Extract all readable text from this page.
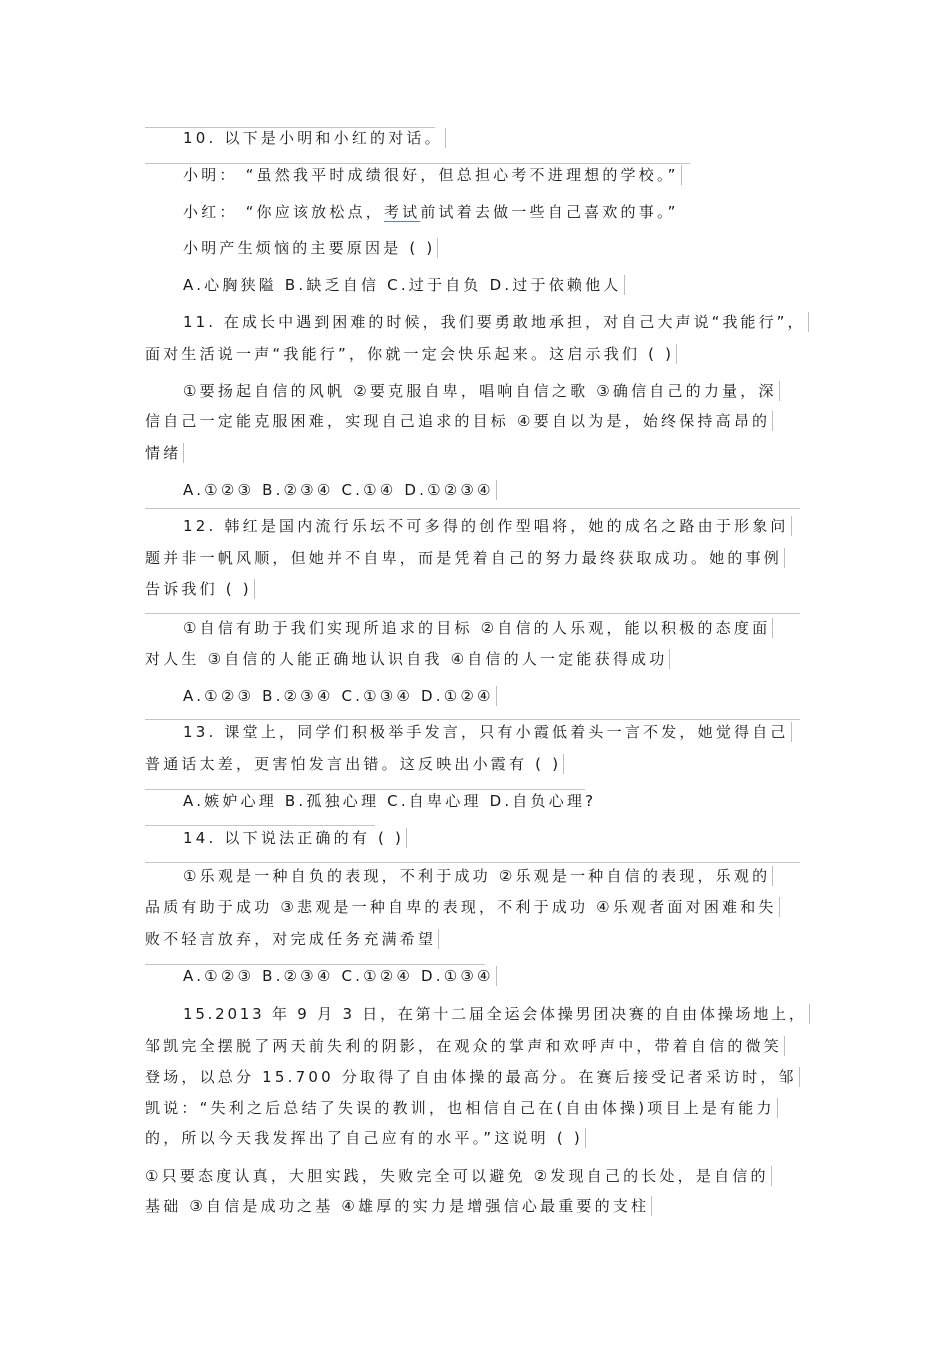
10. 以下是小明和小红的对话。
小明： “虽然我平时成绩很好，但总担心考不进理想的学校。”
小红： “你应该放松点，考试前试着去做一些自己喜欢的事。”
小明产生烦恼的主要原因是 ( )
A.心胸狭隘 B.缺乏自信 C.过于自负 D.过于依赖他人
11. 在成长中遇到困难的时候，我们要勇敢地承担，对自己大声说“我能行”，
面对生活说一声“我能行”，你就一定会快乐起来。这启示我们 ( )
①要扬起自信的风帆 ②要克服自卑，唱响自信之歌 ③确信自己的力量，深
信自己一定能克服困难，实现自己追求的目标 ④要自以为是，始终保持高昂的
情绪
A.①②③ B.②③④ C.①④ D.①②③④
12. 韩红是国内流行乐坛不可多得的创作型唱将，她的成名之路由于形象问
题并非一帆风顺，但她并不自卑，而是凭着自己的努力最终获取成功。她的事例
告诉我们 ( )
①自信有助于我们实现所追求的目标 ②自信的人乐观，能以积极的态度面
对人生 ③自信的人能正确地认识自我 ④自信的人一定能获得成功
A.①②③ B.②③④ C.①③④ D.①②④
13. 课堂上，同学们积极举手发言，只有小霞低着头一言不发，她觉得自己
普通话太差，更害怕发言出错。这反映出小霞有 ( )
A.嫉妒心理 B.孤独心理 C.自卑心理 D.自负心理?
14. 以下说法正确的有 ( )
①乐观是一种自负的表现，不利于成功 ②乐观是一种自信的表现，乐观的
品质有助于成功 ③悲观是一种自卑的表现，不利于成功 ④乐观者面对困难和失
败不轻言放弃，对完成任务充满希望
A.①②③ B.②③④ C.①②④ D.①③④
15.2013 年 9 月 3 日，在第十二届全运会体操男团决赛的自由体操场地上，
邹凯完全摆脱了两天前失利的阴影，在观众的掌声和欢呼声中，带着自信的微笑
登场，以总分 15.700 分取得了自由体操的最高分。在赛后接受记者采访时，邹
凯说：“失利之后总结了失误的教训，也相信自己在(自由体操)项目上是有能力
的，所以今天我发挥出了自己应有的水平。”这说明 ( )
①只要态度认真，大胆实践，失败完全可以避免 ②发现自己的长处，是自信的
基础 ③自信是成功之基 ④雄厚的实力是增强信心最重要的支柱
